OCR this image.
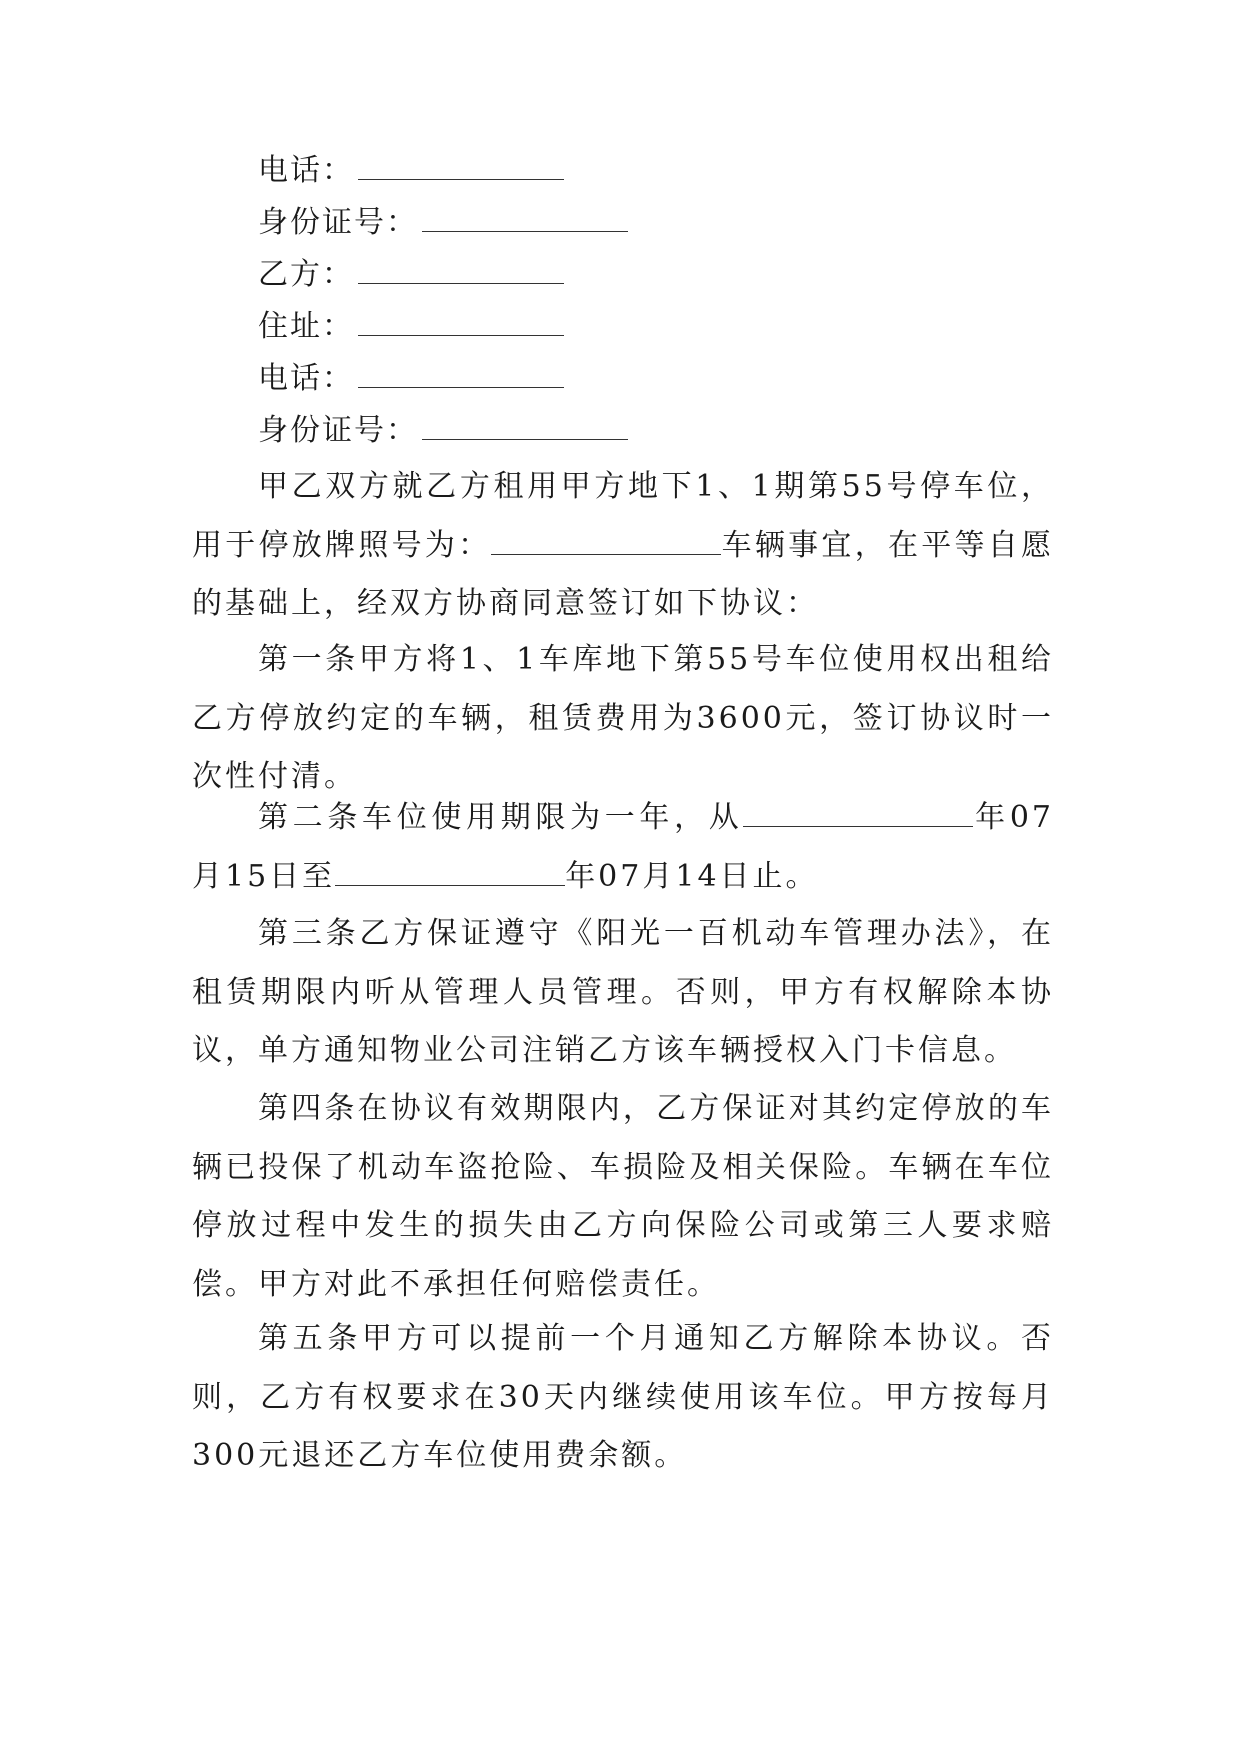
电话：
身份证号：
乙方：
住址：
电话：
身份证号：

甲乙双方就乙方租用甲方地下1、1期第55号停车位，用于停放牌照号为：	车辆事宜，在平等自愿的基础上，经双方协商同意签订如下协议：

第一条甲方将1、1车库地下第55号车位使用权出租给乙方停放约定的车辆，租赁费用为3600元，签订协议时一次性付清。

第二条车位使用期限为一年，从	年07月15日至	年07月14日止。

第三条乙方保证遵守《阳光一百机动车管理办法》，在租赁期限内听从管理人员管理。否则，甲方有权解除本协议，单方通知物业公司注销乙方该车辆授权入门卡信息。

第四条在协议有效期限内，乙方保证对其约定停放的车辆已投保了机动车盗抢险、车损险及相关保险。车辆在车位停放过程中发生的损失由乙方向保险公司或第三人要求赔偿。甲方对此不承担任何赔偿责任。

第五条甲方可以提前一个月通知乙方解除本协议。否则，乙方有权要求在30天内继续使用该车位。甲方按每月300元退还乙方车位使用费余额。
